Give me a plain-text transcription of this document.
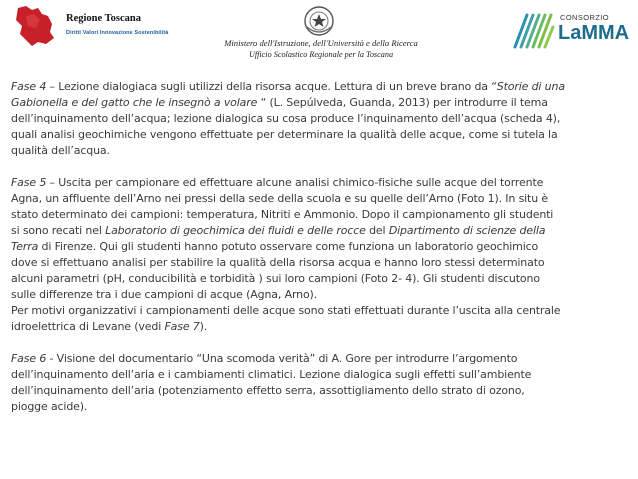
Regione Toscana
Diritti Valori Innovazione Sostenibilità
Ministero dell'Istruzione, dell'Università e della Ricerca
Ufficio Scolastico Regionale per la Toscana
CONSORZIO
LaMMA

Fase 4 – Lezione dialogiaca sugli utilizzi della risorsa acque. Lettura di un breve brano da “Storie di una
Gabionella e del gatto che le insegnò a volare “ (L. Sepúlveda, Guanda, 2013) per introdurre il tema
dell’inquinamento dell’acqua; lezione dialogica su cosa produce l’inquinamento dell’acqua (scheda 4),
quali analisi geochimiche vengono effettuate per determinare la qualità delle acque, come si tutela la
qualità dell’acqua.

Fase 5 – Uscita per campionare ed effettuare alcune analisi chimico-fisiche sulle acque del torrente
Agna, un affluente dell’Arno nei pressi della sede della scuola e su quelle dell’Arno (Foto 1). In situ è
stato determinato dei campioni: temperatura, Nitriti e Ammonio. Dopo il campionamento gli studenti
si sono recati nel Laboratorio di geochimica dei fluidi e delle rocce del Dipartimento di scienze della
Terra di Firenze. Qui gli studenti hanno potuto osservare come funziona un laboratorio geochimico
dove si effettuano analisi per stabilire la qualità della risorsa acqua e hanno loro stessi determinato
alcuni parametri (pH, conducibilità e torbidità ) sui loro campioni (Foto 2- 4). Gli studenti discutono
sulle differenze tra i due campioni di acque (Agna, Arno).
Per motivi organizzativi i campionamenti delle acque sono stati effettuati durante l’uscita alla centrale
idroelettrica di Levane (vedi Fase 7).

Fase 6 - Visione del documentario “Una scomoda verità” di A. Gore per introdurre l’argomento
dell’inquinamento dell’aria e i cambiamenti climatici. Lezione dialogica sugli effetti sull’ambiente
dell’inquinamento dell’aria (potenziamento effetto serra, assottigliamento dello strato di ozono,
piogge acide).
